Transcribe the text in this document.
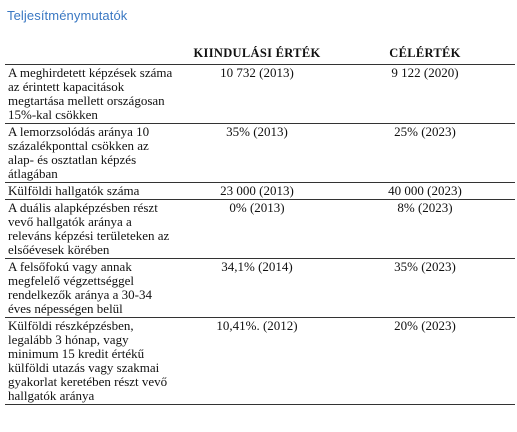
Teljesítménymutatók
	KIINDULÁSI ÉRTÉK	CÉLÉRTÉK
A meghirdetett képzések száma az érintett kapacitások megtartása mellett országosan 15%-kal csökken	10 732 (2013)	9 122 (2020)
A lemorzsolódás aránya 10 százalékponttal csökken az alap- és osztatlan képzés átlagában	35% (2013)	25% (2023)
Külföldi hallgatók száma	23 000 (2013)	40 000 (2023)
A duális alapképzésben részt vevő hallgatók aránya a releváns képzési területeken az elsőévesek körében	0% (2013)	8% (2023)
A felsőfokú vagy annak megfelelő végzettséggel rendelkezők aránya a 30-34 éves népességen belül	34,1% (2014)	35% (2023)
Külföldi részképzésben, legalább 3 hónap, vagy minimum 15 kredit értékű külföldi utazás vagy szakmai gyakorlat keretében részt vevő hallgatók aránya	10,41%. (2012)	20% (2023)
